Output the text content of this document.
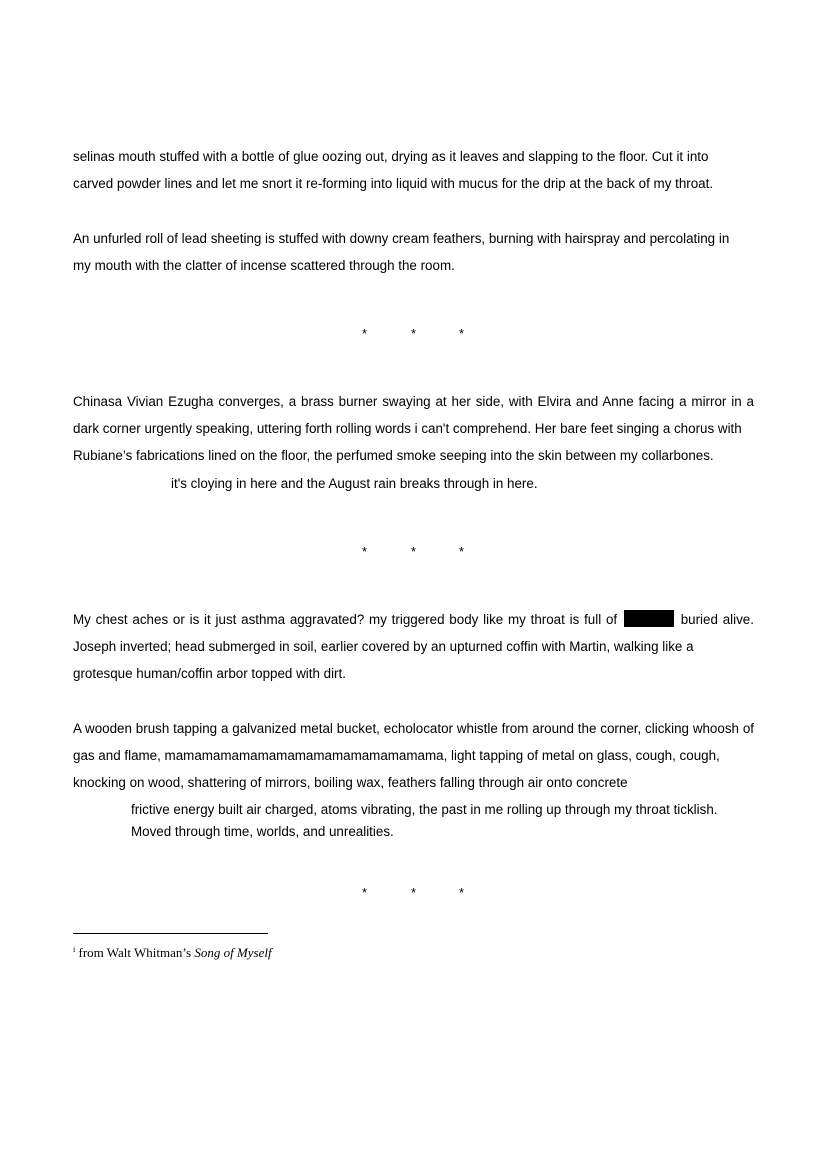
selinas mouth stuffed with a bottle of glue oozing out, drying as it leaves and slapping to the floor. Cut it into
carved powder lines and let me snort it re-forming into liquid with mucus for the drip at the back of my throat.

An unfurled roll of lead sheeting is stuffed with downy cream feathers, burning with hairspray and percolating in
my mouth with the clatter of incense scattered through the room.

*	*	*

Chinasa Vivian Ezugha converges, a brass burner swaying at her side, with Elvira and Anne facing a mirror in a dark corner urgently speaking, uttering forth rolling words i can't comprehend. Her bare feet singing a chorus with
Rubiane’s fabrications lined on the floor, the perfumed smoke seeping into the skin between my collarbones.

it's cloying in here and the August rain breaks through in here.

*	*	*

My chest aches or is it just asthma aggravated? my triggered body like my throat is full of	buried alive. Joseph inverted; head submerged in soil, earlier covered by an upturned coffin with Martin, walking like a
grotesque human/coffin arbor topped with dirt.

A wooden brush tapping a galvanized metal bucket, echolocator whistle from around the corner, clicking whoosh of gas and flame, mamamamamamamamamamamamamamama, light tapping of metal on glass, cough, cough,
knocking on wood, shattering of mirrors, boiling wax, feathers falling through air onto concrete

frictive energy built air charged, atoms vibrating, the past in me rolling up through my throat ticklish.
Moved through time, worlds, and unrealities.

*	*	*

$^i$ from Walt Whitman’s Song of Myself
